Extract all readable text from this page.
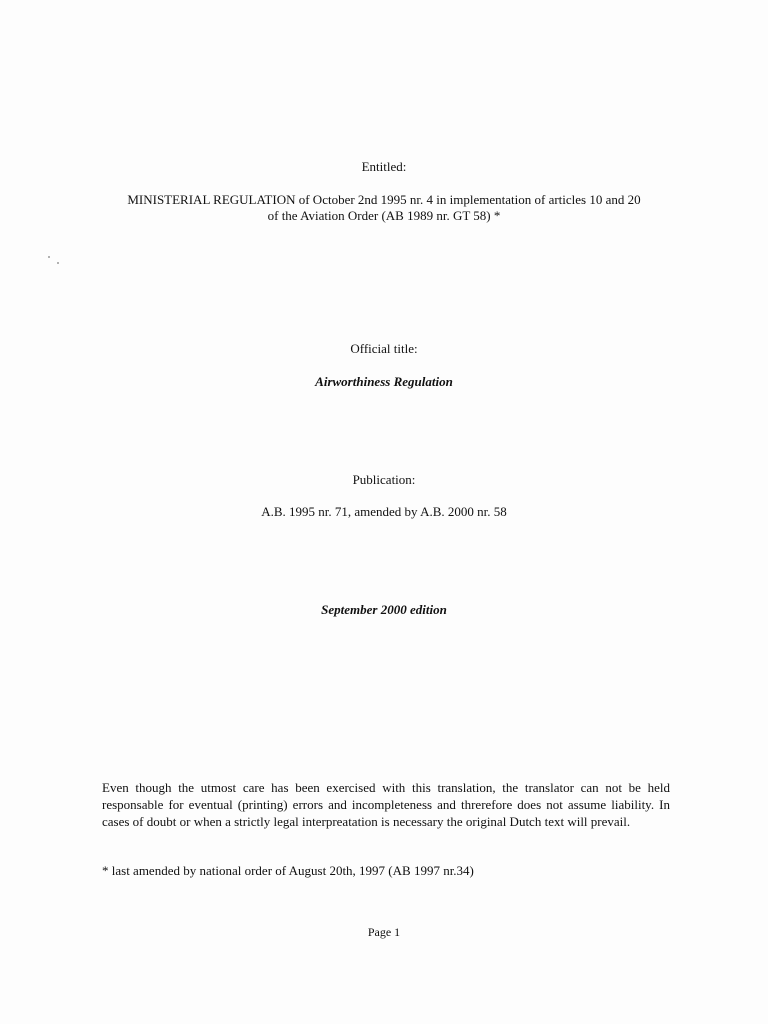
Entitled:
MINISTERIAL REGULATION of October 2nd 1995 nr. 4 in implementation of articles 10 and 20
of the Aviation Order (AB 1989 nr. GT 58) *
Official title:
Airworthiness Regulation
Publication:
A.B. 1995 nr. 71, amended by A.B. 2000 nr. 58
September 2000 edition
Even though the utmost care has been exercised with this translation, the translator can not be held responsable for eventual (printing) errors and incompleteness and threrefore does not assume liability. In cases of doubt or when a strictly legal interpreatation is necessary the original Dutch text will prevail.
* last amended by national order of August 20th, 1997 (AB 1997 nr.34)
Page 1
